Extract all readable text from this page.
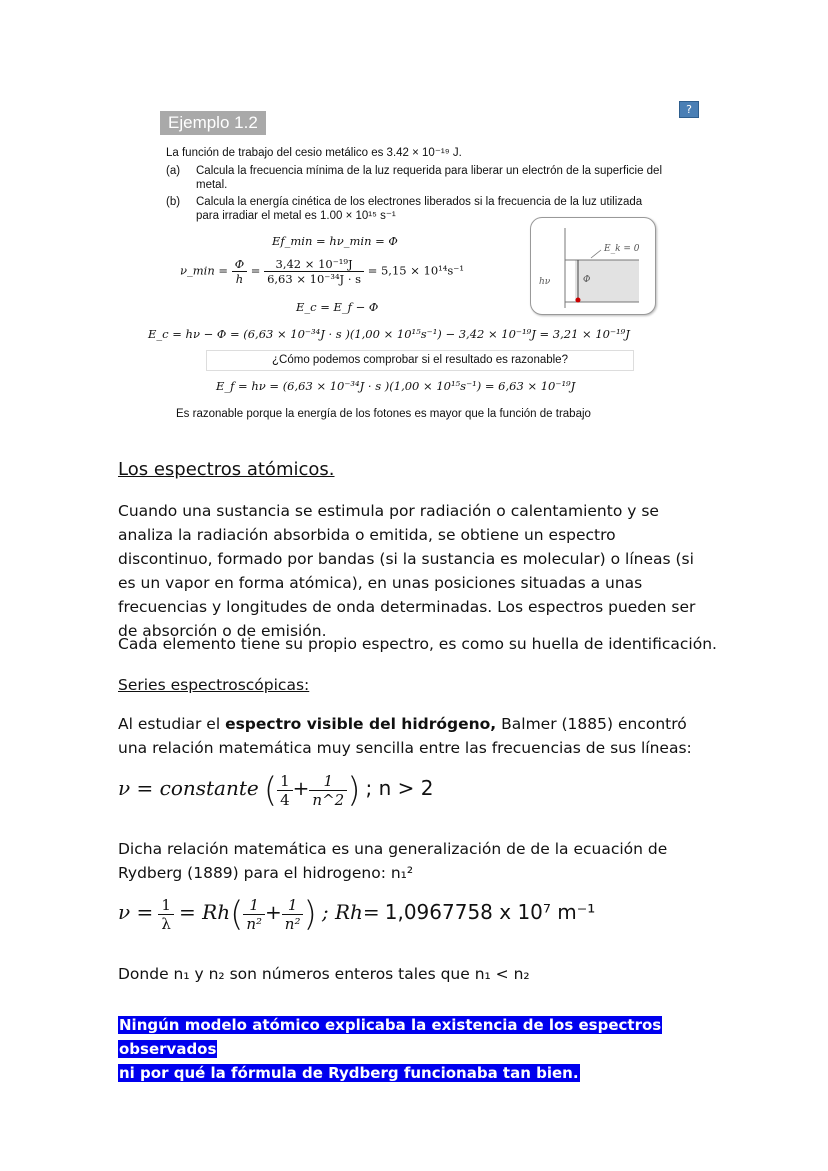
?
Ejemplo 1.2
La función de trabajo del cesio metálico es 3.42 × 10⁻¹⁹ J.
(a) Calcula la frecuencia mínima de la luz requerida para liberar un electrón de la superficie del metal.
(b) Calcula la energía cinética de los electrones liberados si la frecuencia de la luz utilizada para irradiar el metal es 1.00 × 10¹⁵ s⁻¹
Ef_min = hν_min = Φ
ν_min = $\frac{\Phi}{h} = \frac{\text{3,42 × 10⁻¹⁹J}}{\text{6,63 × 10⁻³⁴J · s}} = 5,15 \times 10^{14}s^{-1}$
E_c = E_f − Φ
E_c = hν − Φ = (6,63 × 10⁻³⁴J · s )(1,00 × 10¹⁵s⁻¹) − 3,42 × 10⁻¹⁹J = 3,21 × 10⁻¹⁹J
E_k = 0
hν	Φ
¿Cómo podemos comprobar si el resultado es razonable?
E_f = hν = (6,63 × 10⁻³⁴J · s )(1,00 × 10¹⁵s⁻¹) = 6,63 × 10⁻¹⁹J
Es razonable porque la energía de los fotones es mayor que la función de trabajo
Los espectros atómicos.
Cuando una sustancia se estimula por radiación o calentamiento y se analiza la radiación absorbida o emitida, se obtiene un espectro discontinuo, formado por bandas (si la sustancia es molecular) o líneas (si es un vapor en forma atómica), en unas posiciones situadas a unas frecuencias y longitudes de onda determinadas. Los espectros pueden ser de absorción o de emisión.
Cada elemento tiene su propio espectro, es como su huella de identificación.
Series espectroscópicas:
Al estudiar el espectro visible del hidrógeno, Balmer (1885) encontró una relación matemática muy sencilla entre las frecuencias de sus líneas:
ν = constante ( $\frac{1}{4} + \frac{1}{n\^{}2}$ ) ; n > 2
Dicha relación matemática es una generalización de de la ecuación de Rydberg (1889) para el hidrogeno: n₁²
$\nu = \frac{1}{\lambda} = Rh( \frac{1}{\text{n²}} + \frac{1}{\text{n²}}$ ) ; Rh= 1,0967758 x 10⁷ m⁻¹
Donde n₁ y n₂ son números enteros tales que n₁ < n₂
Ningún modelo atómico explicaba la existencia de los espectros observados
ni por qué la fórmula de Rydberg funcionaba tan bien.
